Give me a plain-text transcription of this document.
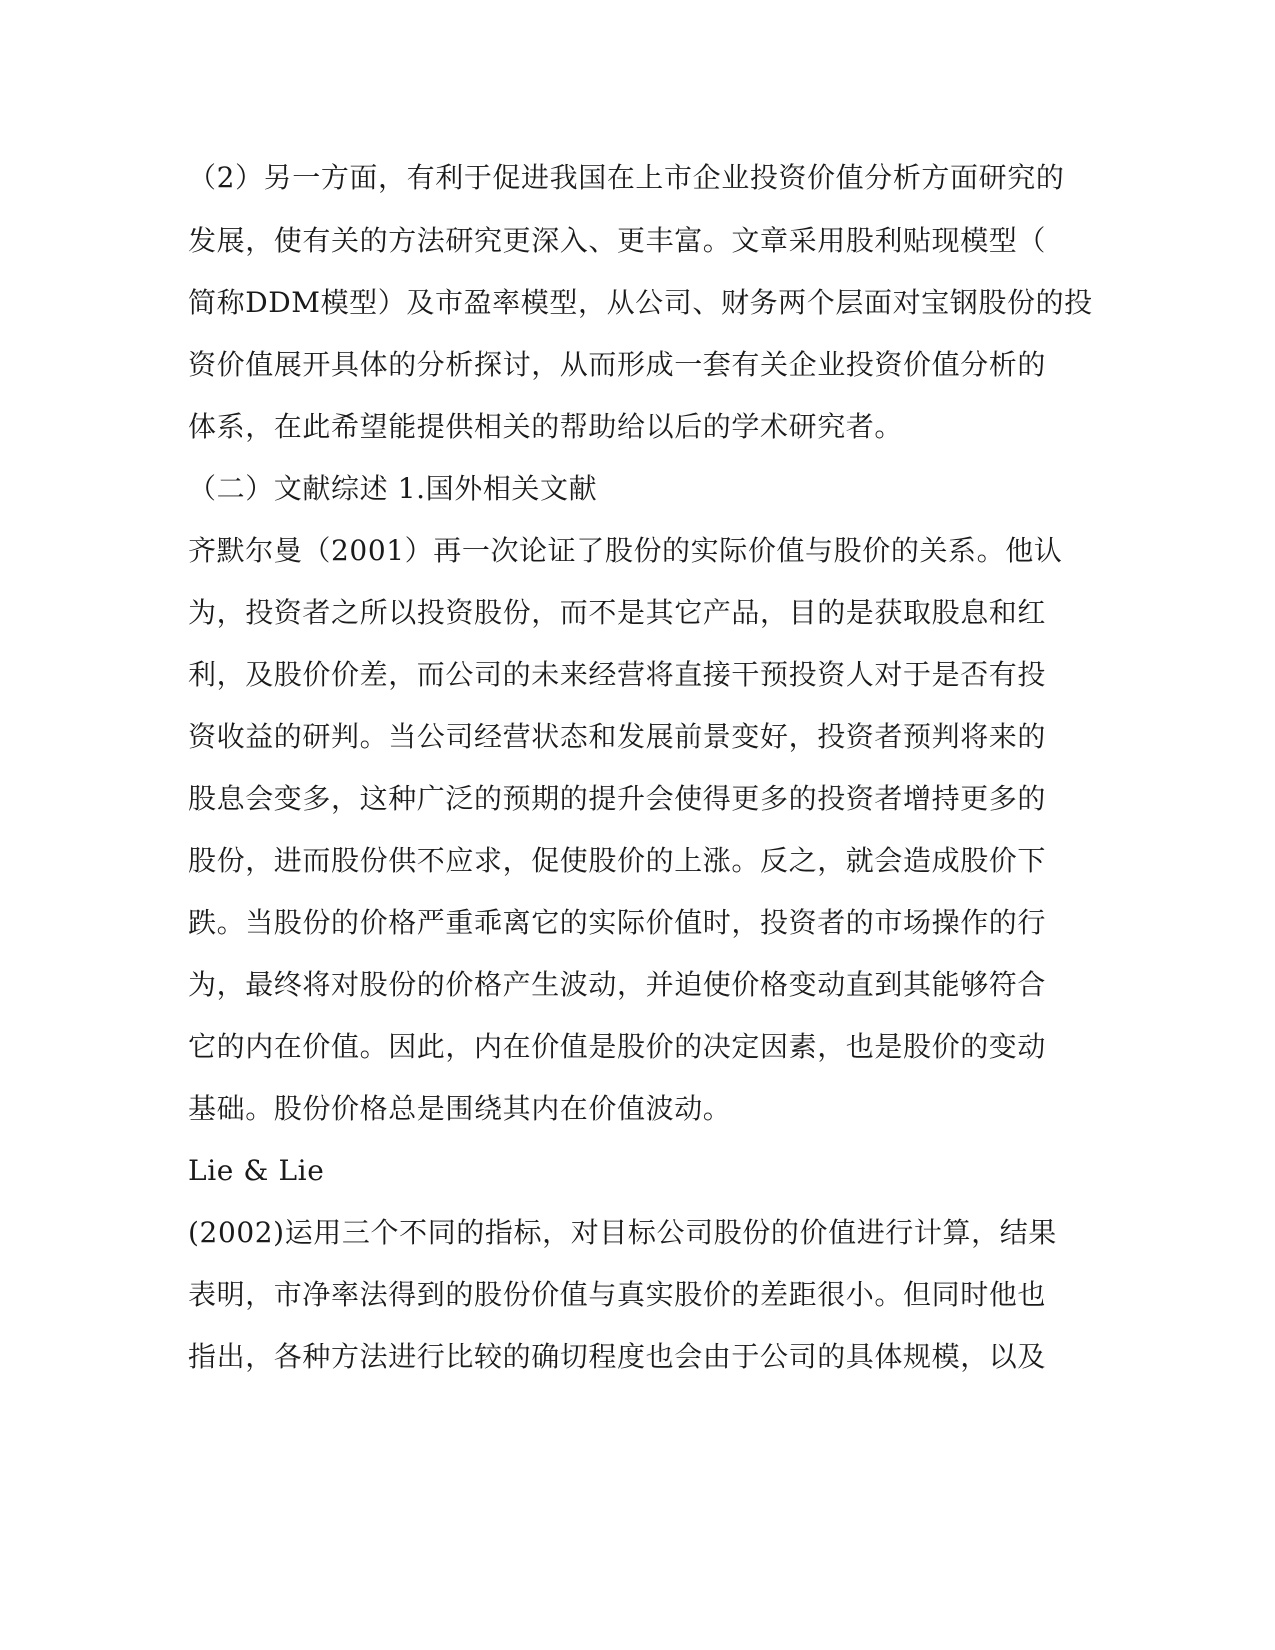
（2）另一方面，有利于促进我国在上市企业投资价值分析方面研究的
发展，使有关的方法研究更深入、更丰富。文章采用股利贴现模型（
简称DDM模型）及市盈率模型，从公司、财务两个层面对宝钢股份的投
资价值展开具体的分析探讨，从而形成一套有关企业投资价值分析的
体系，在此希望能提供相关的帮助给以后的学术研究者。
（二）文献综述 1.国外相关文献
齐默尔曼（2001）再一次论证了股份的实际价值与股价的关系。他认
为，投资者之所以投资股份，而不是其它产品，目的是获取股息和红
利，及股价价差，而公司的未来经营将直接干预投资人对于是否有投
资收益的研判。当公司经营状态和发展前景变好，投资者预判将来的
股息会变多，这种广泛的预期的提升会使得更多的投资者增持更多的
股份，进而股份供不应求，促使股价的上涨。反之，就会造成股价下
跌。当股份的价格严重乖离它的实际价值时，投资者的市场操作的行
为，最终将对股份的价格产生波动，并迫使价格变动直到其能够符合
它的内在价值。因此，内在价值是股价的决定因素，也是股价的变动
基础。股份价格总是围绕其内在价值波动。
Lie & Lie
(2002)运用三个不同的指标，对目标公司股份的价值进行计算，结果
表明，市净率法得到的股份价值与真实股价的差距很小。但同时他也
指出，各种方法进行比较的确切程度也会由于公司的具体规模，以及
